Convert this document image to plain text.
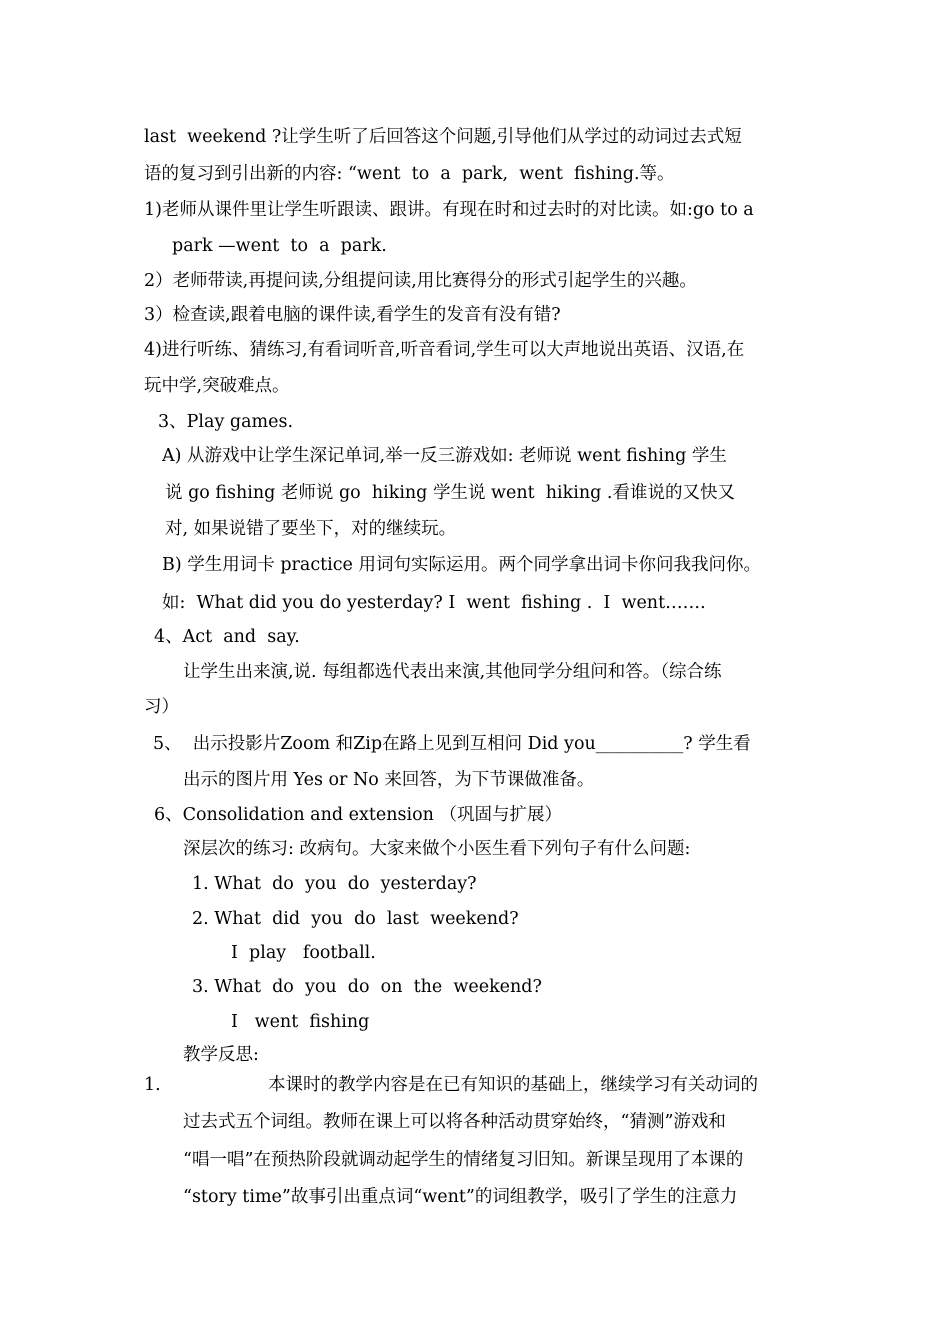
last  weekend ?让学生听了后回答这个问题,引导他们从学过的动词过去式短
语的复习到引出新的内容: “went  to  a  park,  went  fishing.等。
1)老师从课件里让学生听跟读、跟讲。有现在时和过去时的对比读。如:go to a
park —went  to  a  park.
2）老师带读,再提问读,分组提问读,用比赛得分的形式引起学生的兴趣。
3）检查读,跟着电脑的课件读,看学生的发音有没有错?
4)进行听练、猜练习,有看词听音,听音看词,学生可以大声地说出英语、汉语,在
玩中学,突破难点。
3、Play games.
A) 从游戏中让学生深记单词,举一反三游戏如: 老师说 went fishing 学生
说 go fishing 老师说 go  hiking 学生说 went  hiking .看谁说的又快又
对, 如果说错了要坐下，对的继续玩。
B) 学生用词卡 practice 用词句实际运用。两个同学拿出词卡你问我我问你。
如:  What did you do yesterday? I  went  fishing .  I  went…….
4、Act  and  say.
让学生出来演,说. 每组都选代表出来演,其他同学分组问和答。（综合练
习）
5、  出示投影片Zoom 和Zip在路上见到互相问 Did you__________? 学生看
出示的图片用 Yes or No 来回答，为下节课做准备。
6、Consolidation and extension （巩固与扩展）
深层次的练习: 改病句。大家来做个小医生看下列句子有什么问题:
1. What  do  you  do  yesterday?
2. What  did  you  do  last  weekend?
I  play   football.
3. What  do  you  do  on  the  weekend?
I   went  fishing
教学反思:
1.	本课时的教学内容是在已有知识的基础上，继续学习有关动词的
过去式五个词组。教师在课上可以将各种活动贯穿始终，“猜测”游戏和
“唱一唱”在预热阶段就调动起学生的情绪复习旧知。新课呈现用了本课的
“story time”故事引出重点词“went”的词组教学，吸引了学生的注意力
